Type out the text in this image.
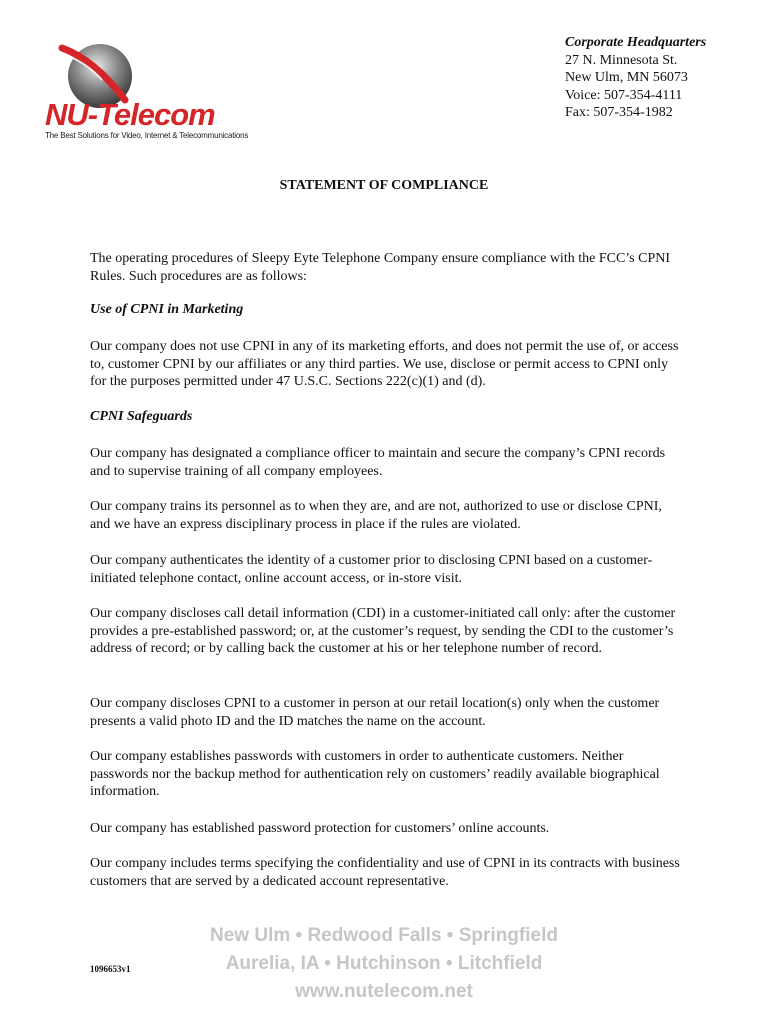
NU-Telecom
The Best Solutions for Video, Internet & Telecommunications
Corporate Headquarters
27 N. Minnesota St.
New Ulm, MN 56073
Voice: 507-354-4111
Fax: 507-354-1982
STATEMENT OF COMPLIANCE
The operating procedures of Sleepy Eyte Telephone Company ensure compliance with the FCC’s CPNI Rules. Such procedures are as follows:
Use of CPNI in Marketing
Our company does not use CPNI in any of its marketing efforts, and does not permit the use of, or access to, customer CPNI by our affiliates or any third parties. We use, disclose or permit access to CPNI only for the purposes permitted under 47 U.S.C. Sections 222(c)(1) and (d).
CPNI Safeguards
Our company has designated a compliance officer to maintain and secure the company’s CPNI records and to supervise training of all company employees.
Our company trains its personnel as to when they are, and are not, authorized to use or disclose CPNI, and we have an express disciplinary process in place if the rules are violated.
Our company authenticates the identity of a customer prior to disclosing CPNI based on a customer-initiated telephone contact, online account access, or in-store visit.
Our company discloses call detail information (CDI) in a customer-initiated call only: after the customer provides a pre-established password; or, at the customer’s request, by sending the CDI to the customer’s address of record; or by calling back the customer at his or her telephone number of record.
Our company discloses CPNI to a customer in person at our retail location(s) only when the customer presents a valid photo ID and the ID matches the name on the account.
Our company establishes passwords with customers in order to authenticate customers. Neither passwords nor the backup method for authentication rely on customers’ readily available biographical information.
Our company has established password protection for customers’ online accounts.
Our company includes terms specifying the confidentiality and use of CPNI in its contracts with business customers that are served by a dedicated account representative.
New Ulm • Redwood Falls • Springfield
Aurelia, IA • Hutchinson • Litchfield
www.nutelecom.net
1096653v1
